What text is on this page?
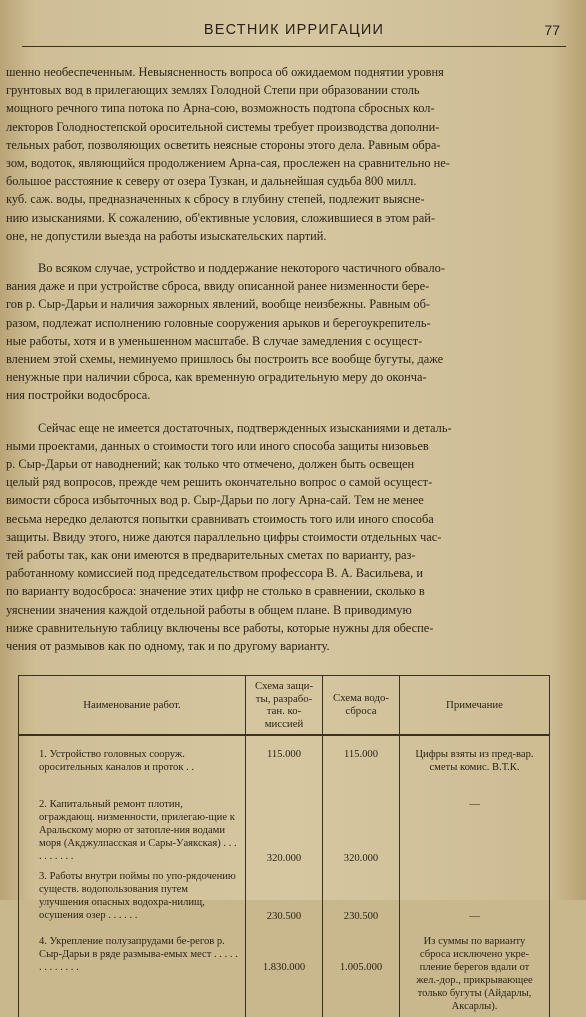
ВЕСТНИК ИРРИГАЦИИ	77

шенно необеспеченным. Невыясненность вопроса об ожидаемом поднятии уровня

грунтовых вод в прилегающих землях Голодной Степи при образовании столь

мощного речного типа потока по Арна-сою, возможность подтопа сбросных кол-

лекторов Голодностепской оросительной системы требует производства дополни-

тельных работ, позволяющих осветить неясные стороны этого дела. Равным обра-

зом, водоток, являющийся продолжением Арна-сая, прослежен на сравнительно не-

большое расстояние к северу от озера Тузкан, и дальнейшая судьба 800 милл.

куб. саж. воды, предназначенных к сбросу в глубину степей, подлежит выясне-

нию изысканиями. К сожалению, об'ективные условия, сложившиеся в этом рай-

оне, не допустили выезда на работы изыскательских партий.

Во всяком случае, устройство и поддержание некоторого частичного обвало-

вания даже и при устройстве сброса, ввиду описанной ранее низменности бере-

гов р. Сыр-Дарьи и наличия зажорных явлений, вообще неизбежны. Равным об-

разом, подлежат исполнению головные сооружения арыков и берегоукрепитель-

ные работы, хотя и в уменьшенном масштабе. В случае замедления с осущест-

влением этой схемы, неминуемо пришлось бы построить все вообще бугуты, даже

ненужные при наличии сброса, как временную оградительную меру до оконча-

ния постройки водосброса.

Сейчас еще не имеется достаточных, подтвержденных изысканиями и деталь-

ными проектами, данных о стоимости того или иного способа защиты низовьев

р. Сыр-Дарьи от наводнений; как только что отмечено, должен быть освещен

целый ряд вопросов, прежде чем решить окончательно вопрос о самой осущест-

вимости сброса избыточных вод р. Сыр-Дарьи по логу Арна-сай. Тем не менее

весьма нередко делаются попытки сравнивать стоимость того или иного способа

защиты. Ввиду этого, ниже даются параллельно цифры стоимости отдельных час-

тей работы так, как они имеются в предварительных сметах по варианту, раз-

работанному комиссией под председательством профессора В. А. Васильева, и

по варианту водосброса: значение этих цифр не столько в сравнении, сколько в

уяснении значения каждой отдельной работы в общем плане. В приводимую

ниже сравнительную таблицу включены все работы, которые нужны для обеспе-

чения от размывов как по одному, так и по другому варианту.

Наименование работ.	Схема защи-ты, разрабо-тан. ко-миссией	Схема водо-сброса	Примечание
1. Устройство головных сооруж. оросительных каналов и проток . .	115.000	115.000	Цифры взяты из пред-вар. сметы комис. В.Т.К.
2. Капитальный ремонт плотин, ограждающ. низменности, прилегаю-щие к Аральскому морю от затопле-ния водами моря (Акджулпасская и Сары-Уаякская) . . . . . . . . . .	320.000	320.000	—
3. Работы внутри поймы по упо-рядочению существ. водопользования путем улучшения опасных водохра-нилищ, осушения озер . . . . . .	230.500	230.500	—
4. Укрепление полузапрудами бе-регов р. Сыр-Дарьи в ряде размыва-емых мест . . . . . . . . . . . . .	1.830.000	1.005.000	Из суммы по варианту сброса исключено укре-пление берегов вдали от жел.-дор., прикрывающее только бугуты (Айдарлы, Аксарлы).
